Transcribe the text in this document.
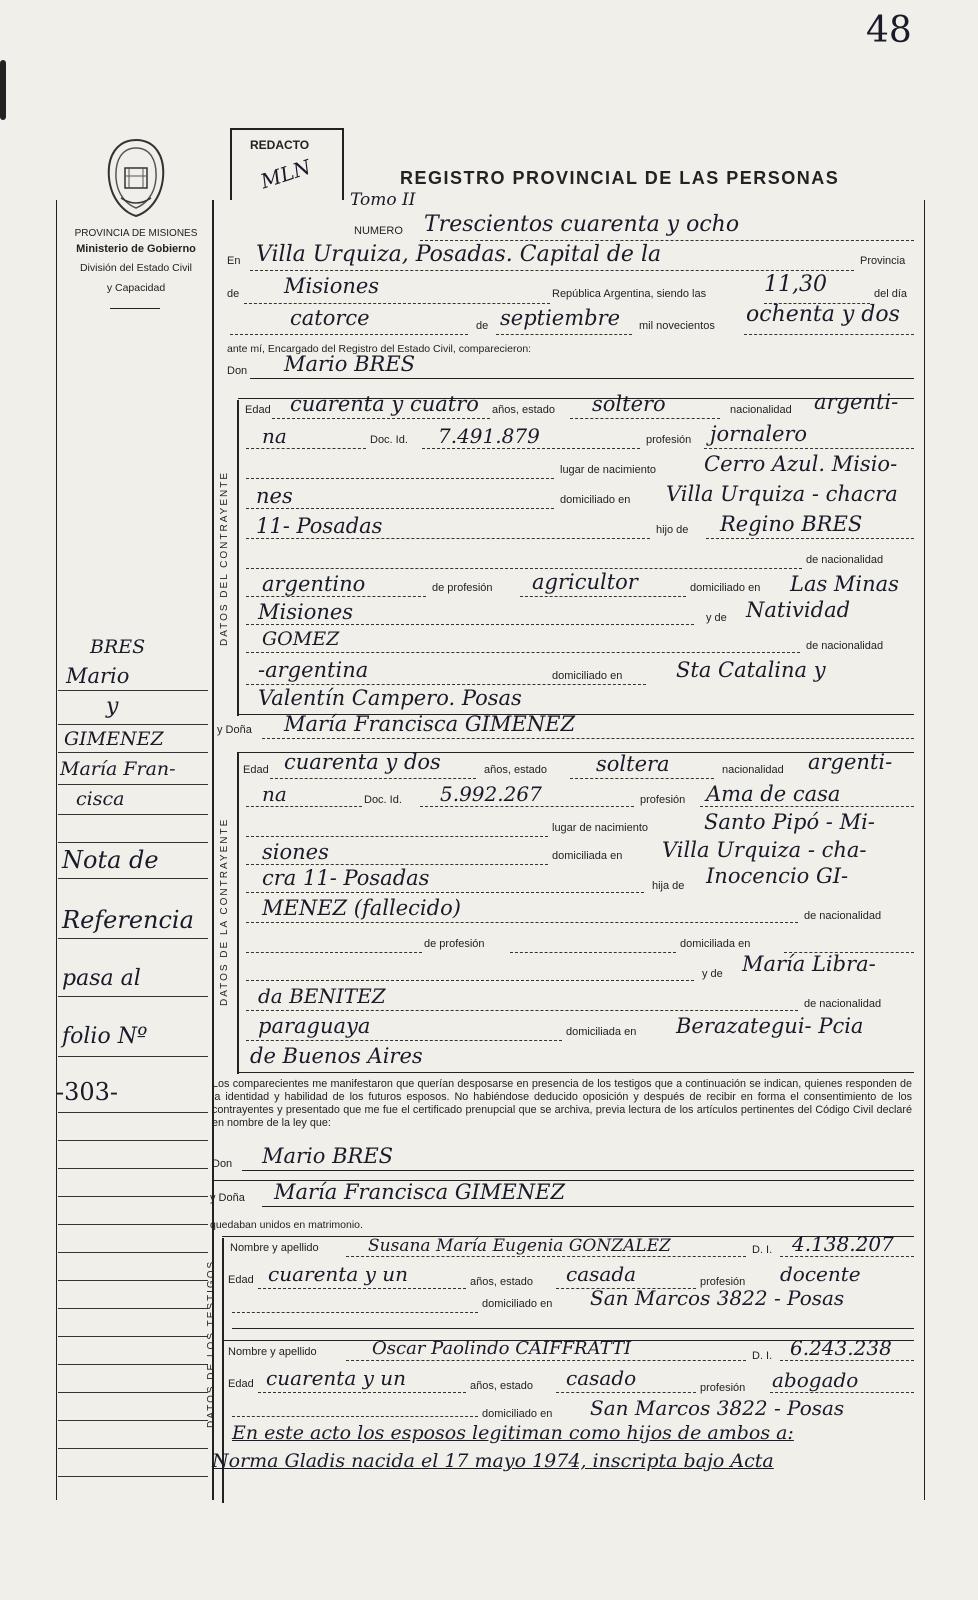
48
PROVINCIA DE MISIONES
Ministerio de Gobierno
División del Estado Civil
y Capacidad
REDACTO
MLN	REGISTRO PROVINCIAL DE LAS PERSONAS
Tomo II
NUMERO Trescientos cuarenta y ocho
En Villa Urquiza, Posadas. Capital de la	Provincia
de Misiones	República Argentina, siendo las	11,30	del día
catorce	de septiembre mil novecientos ochenta y dos
ante mí, Encargado del Registro del Estado Civil, comparecieron:
Don Mario BRES
DATOS DEL CONTRAYENTE
Edad cuarenta y cuatro años, estado soltero	nacionalidad argenti-
na	Doc. Id. 7.491.879	profesión jornalero
lugar de nacimiento Cerro Azul. Misio-
nes	domiciliado en Villa Urquiza - chacra
11- Posadas	hijo de Regino BRES
de nacionalidad
argentino	de profesión agricultor	domiciliado en Las Minas
Misiones	y de Natividad
GOMEZ	de nacionalidad
-argentina	domiciliado en	Sta Catalina y
Valentín Campero. Posas
y Doña María Francisca GIMENEZ
DATOS DE LA CONTRAYENTE
Edad cuarenta y dos	años, estado soltera	nacionalidad argenti-
na	Doc. Id. 5.992.267	profesión Ama de casa
lugar de nacimiento	Santo Pipó - Mi-
siones	domiciliada en Villa Urquiza - cha-
cra 11- Posadas	hija de Inocencio GI-
MENEZ (fallecido)	de nacionalidad
de profesión	domiciliada en
y de María Libra-
da BENITEZ	de nacionalidad
paraguaya	domiciliada en Berazategui- Pcia
de Buenos Aires
Los comparecientes me manifestaron que querían desposarse en presencia de los testigos que a continuación se indican, quienes responden de la identidad y habilidad de los futuros esposos. No habiéndose deducido oposición y después de recibir en forma el consentimiento de los contrayentes y presentado que me fue el certificado prenupcial que se archiva, previa lectura de los artículos pertinentes del Código Civil declaré en nombre de la ley que:
Don Mario BRES
y Doña María Francisca GIMENEZ
quedaban unidos en matrimonio.
DATOS DE LOS TESTIGOS
Nombre y apellido	Susana María Eugenia GONZALEZ	D. I. 4.138.207
Edad cuarenta y un	años, estado casada	profesión docente
domiciliado en San Marcos 3822 - Posas
Nombre y apellido	Oscar Paolindo CAIFFRATTI	D. I. 6.243.238
Edad cuarenta y un	años, estado casado	profesión abogado
domiciliado en San Marcos 3822 - Posas
En este acto los esposos legitiman como hijos de ambos a:
Norma Gladis nacida el 17 mayo 1974, inscripta bajo Acta
BRES
Mario
y
GIMENEZ
María Fran-
cisca
Nota de
Referencia
pasa al
folio Nº
-303-
